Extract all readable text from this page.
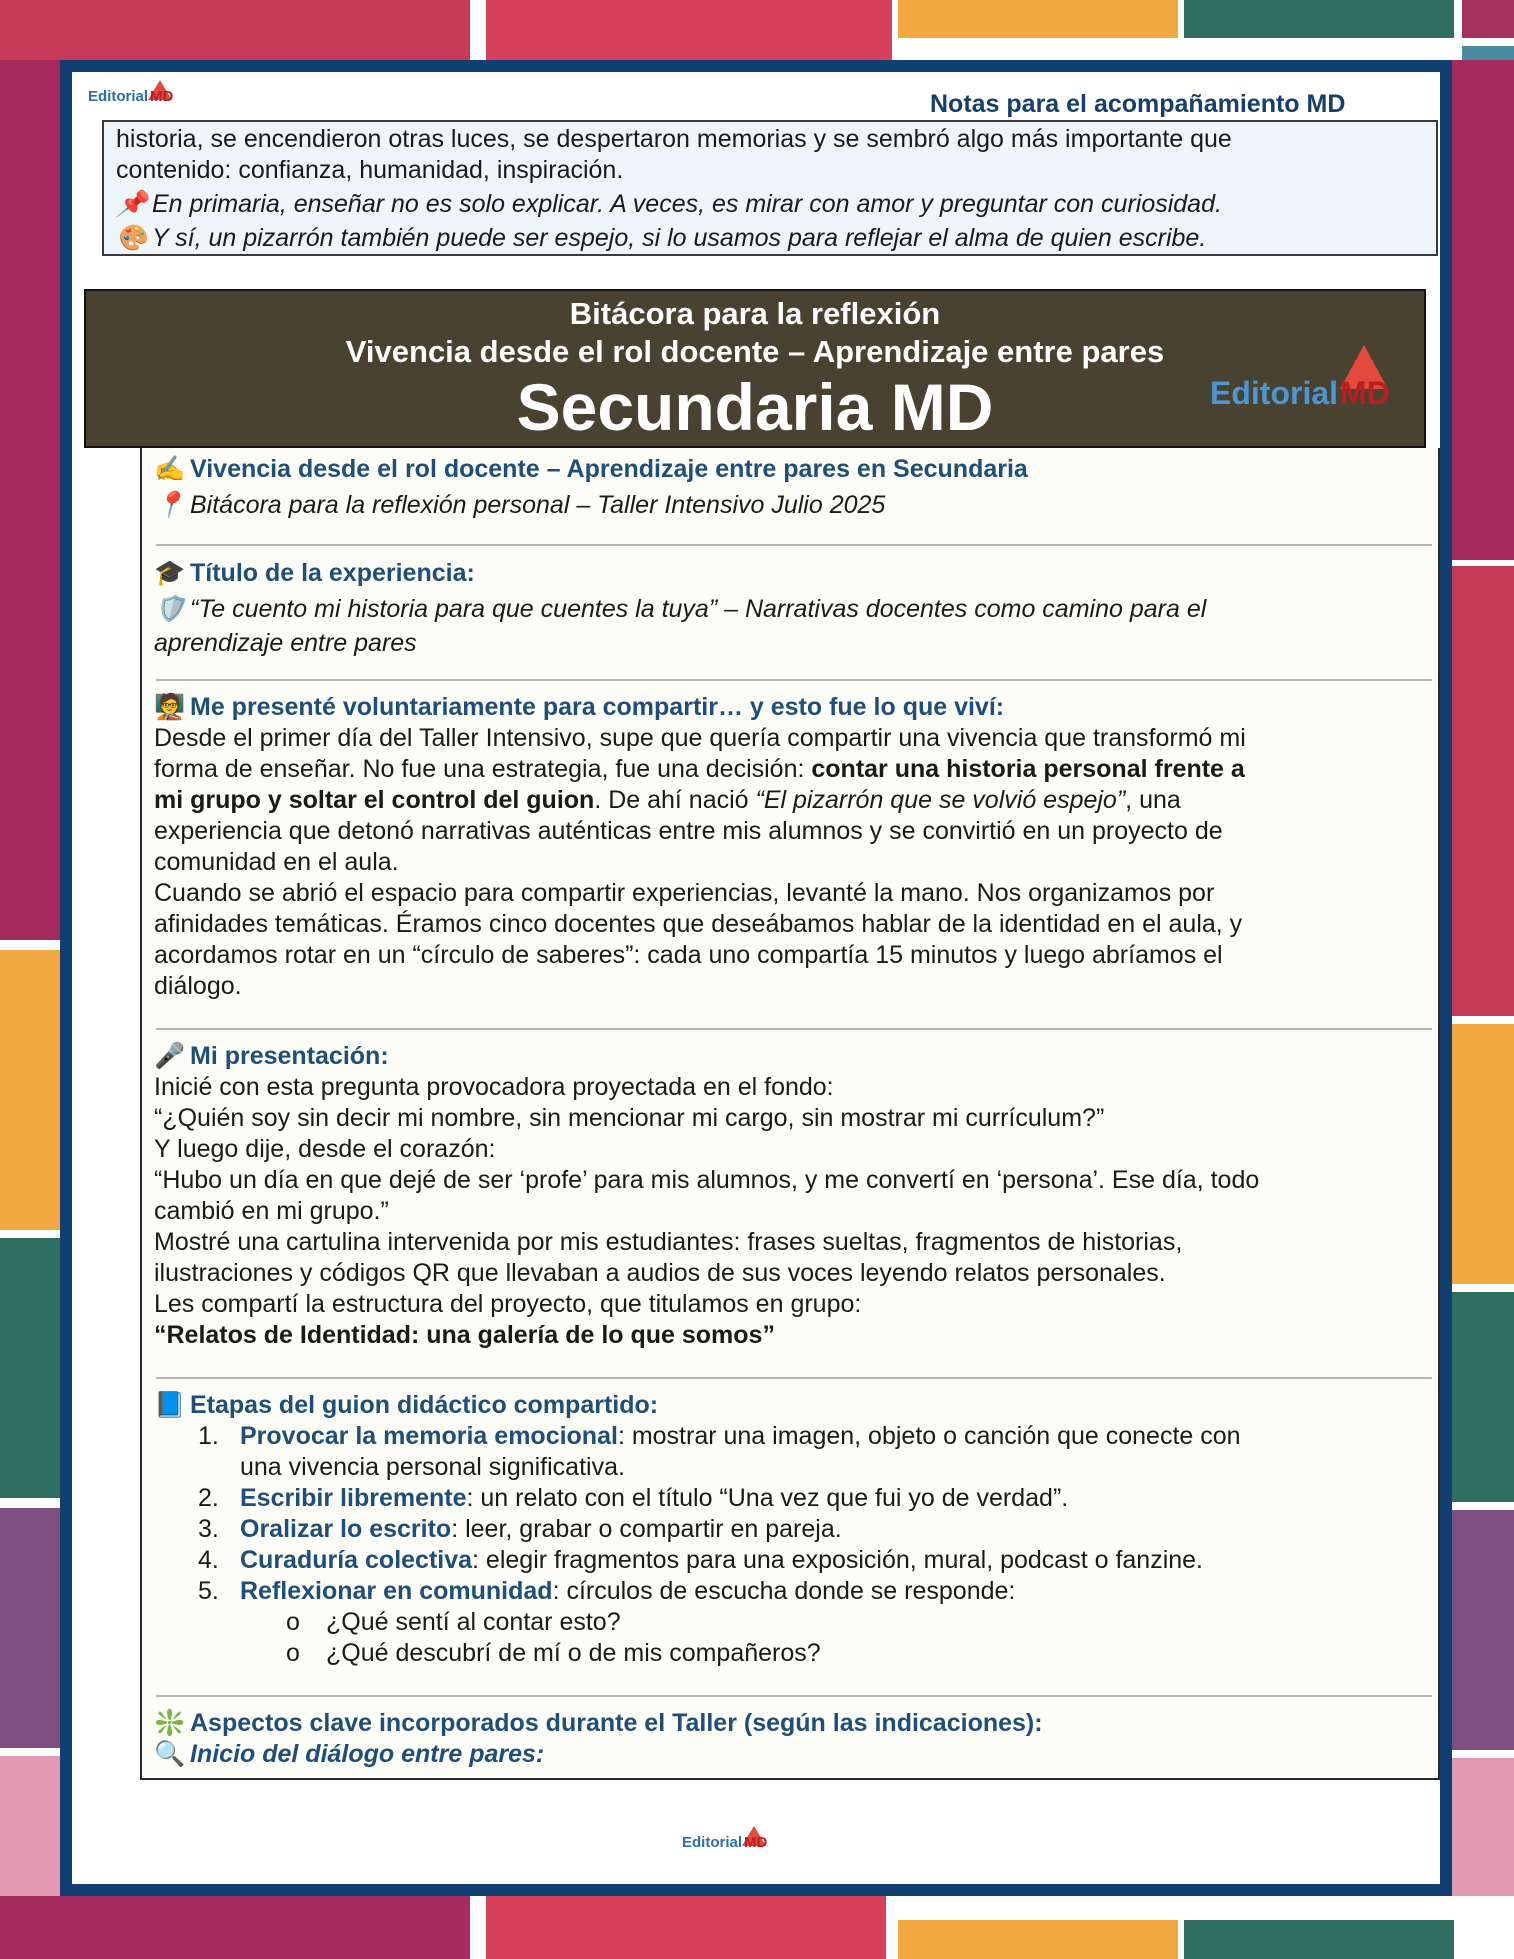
Editorial MD	Notas para el acompañamiento MD
historia, se encendieron otras luces, se despertaron memorias y se sembró algo más importante que
contenido: confianza, humanidad, inspiración.
📌 En primaria, enseñar no es solo explicar. A veces, es mirar con amor y preguntar con curiosidad.
🎨 Y sí, un pizarrón también puede ser espejo, si lo usamos para reflejar el alma de quien escribe.
Bitácora para la reflexión
Vivencia desde el rol docente – Aprendizaje entre pares
Secundaria MD	Editorial MD
✍️ Vivencia desde el rol docente – Aprendizaje entre pares en Secundaria
📍 Bitácora para la reflexión personal – Taller Intensivo Julio 2025
🎓 Título de la experiencia:
🛡️ “Te cuento mi historia para que cuentes la tuya” – Narrativas docentes como camino para el
aprendizaje entre pares
🧑‍🏫 Me presenté voluntariamente para compartir… y esto fue lo que viví:
Desde el primer día del Taller Intensivo, supe que quería compartir una vivencia que transformó mi
forma de enseñar. No fue una estrategia, fue una decisión: contar una historia personal frente a
mi grupo y soltar el control del guion. De ahí nació “El pizarrón que se volvió espejo”, una
experiencia que detonó narrativas auténticas entre mis alumnos y se convirtió en un proyecto de
comunidad en el aula.
Cuando se abrió el espacio para compartir experiencias, levanté la mano. Nos organizamos por
afinidades temáticas. Éramos cinco docentes que deseábamos hablar de la identidad en el aula, y
acordamos rotar en un “círculo de saberes”: cada uno compartía 15 minutos y luego abríamos el
diálogo.
🎤 Mi presentación:
Inicié con esta pregunta provocadora proyectada en el fondo:
“¿Quién soy sin decir mi nombre, sin mencionar mi cargo, sin mostrar mi currículum?”
Y luego dije, desde el corazón:
“Hubo un día en que dejé de ser ‘profe’ para mis alumnos, y me convertí en ‘persona’. Ese día, todo
cambió en mi grupo.”
Mostré una cartulina intervenida por mis estudiantes: frases sueltas, fragmentos de historias,
ilustraciones y códigos QR que llevaban a audios de sus voces leyendo relatos personales.
Les compartí la estructura del proyecto, que titulamos en grupo:
“Relatos de Identidad: una galería de lo que somos”
📘 Etapas del guion didáctico compartido:
1. Provocar la memoria emocional: mostrar una imagen, objeto o canción que conecte con
una vivencia personal significativa.
2. Escribir libremente: un relato con el título “Una vez que fui yo de verdad”.
3. Oralizar lo escrito: leer, grabar o compartir en pareja.
4. Curaduría colectiva: elegir fragmentos para una exposición, mural, podcast o fanzine.
5. Reflexionar en comunidad: círculos de escucha donde se responde:
o ¿Qué sentí al contar esto?
o ¿Qué descubrí de mí o de mis compañeros?
❇️ Aspectos clave incorporados durante el Taller (según las indicaciones):
🔍 Inicio del diálogo entre pares:
Editorial MD
